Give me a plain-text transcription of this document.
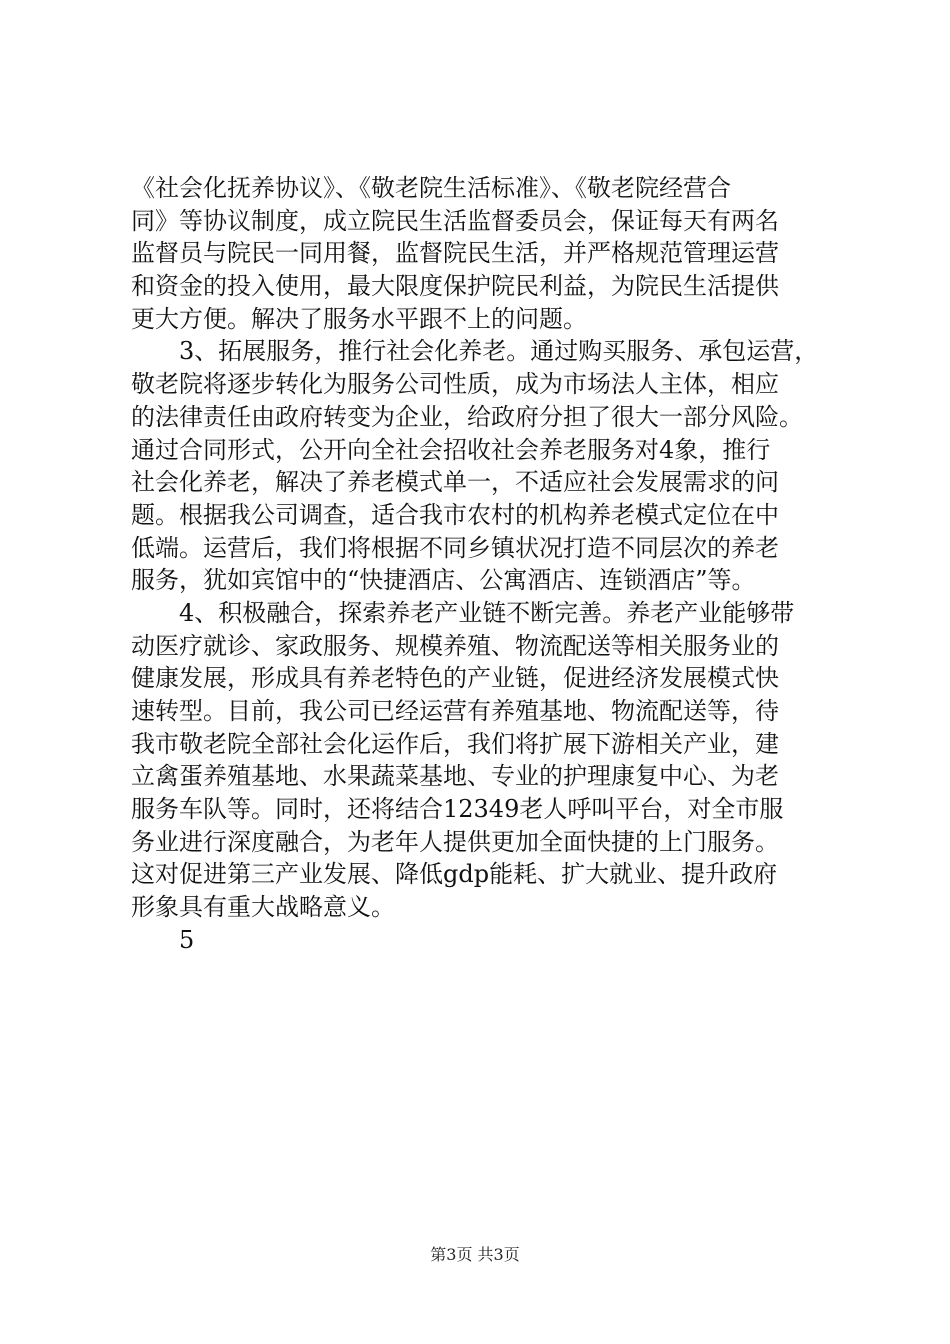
《社会化抚养协议》、《敬老院生活标准》、《敬老院经营合
同》等协议制度，成立院民生活监督委员会，保证每天有两名
监督员与院民一同用餐，监督院民生活，并严格规范管理运营
和资金的投入使用，最大限度保护院民利益，为院民生活提供
更大方便。解决了服务水平跟不上的问题。
3、拓展服务，推行社会化养老。通过购买服务、承包运营，
敬老院将逐步转化为服务公司性质，成为市场法人主体，相应
的法律责任由政府转变为企业，给政府分担了很大一部分风险。
通过合同形式，公开向全社会招收社会养老服务对4象，推行
社会化养老，解决了养老模式单一，不适应社会发展需求的问
题。根据我公司调查，适合我市农村的机构养老模式定位在中
低端。运营后，我们将根据不同乡镇状况打造不同层次的养老
服务，犹如宾馆中的“快捷酒店、公寓酒店、连锁酒店”等。
4、积极融合，探索养老产业链不断完善。养老产业能够带
动医疗就诊、家政服务、规模养殖、物流配送等相关服务业的
健康发展，形成具有养老特色的产业链，促进经济发展模式快
速转型。目前，我公司已经运营有养殖基地、物流配送等，待
我市敬老院全部社会化运作后，我们将扩展下游相关产业，建
立禽蛋养殖基地、水果蔬菜基地、专业的护理康复中心、为老
服务车队等。同时，还将结合12349老人呼叫平台，对全市服
务业进行深度融合，为老年人提供更加全面快捷的上门服务。
这对促进第三产业发展、降低gdp能耗、扩大就业、提升政府
形象具有重大战略意义。
5
第3页 共3页
